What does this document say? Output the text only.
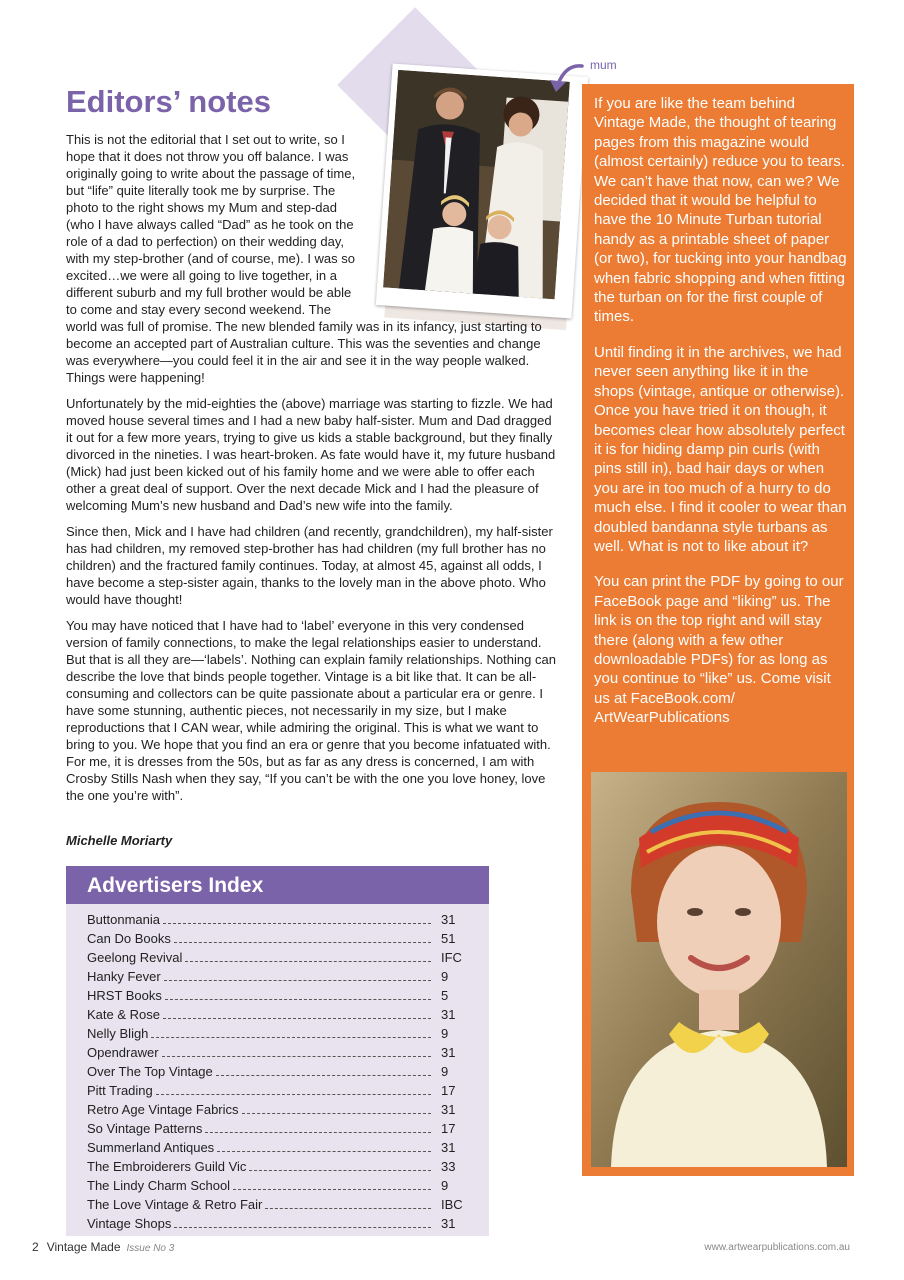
Editors’ notes
mum

This is not the editorial that I set out to write, so I hope that it does not throw you off balance. I was originally going to write about the passage of time, but “life” quite literally took me by surprise. The photo to the right shows my Mum and step-dad (who I have always called “Dad” as he took on the role of a dad to perfection) on their wedding day, with my step-brother (and of course, me). I was so excited…we were all going to live together, in a different suburb and my full brother would be able to come and stay every second weekend. The world was full of promise. The new blended family was in its infancy, just starting to become an accepted part of Australian culture. This was the seventies and change was everywhere—you could feel it in the air and see it in the way people walked. Things were happening!

Unfortunately by the mid-eighties the (above) marriage was starting to fizzle. We had moved house several times and I had a new baby half-sister. Mum and Dad dragged it out for a few more years, trying to give us kids a stable background, but they finally divorced in the nineties. I was heart-broken. As fate would have it, my future husband (Mick) had just been kicked out of his family home and we were able to offer each other a great deal of support. Over the next decade Mick and I had the pleasure of welcoming Mum’s new husband and Dad’s new wife into the family.

Since then, Mick and I have had children (and recently, grandchildren), my half-sister has had children, my removed step-brother has had children (my full brother has no children) and the fractured family continues. Today, at almost 45, against all odds, I have become a step-sister again, thanks to the lovely man in the above photo. Who would have thought!

You may have noticed that I have had to ‘label’ everyone in this very condensed version of family connections, to make the legal relationships easier to understand. But that is all they are—‘labels’. Nothing can explain family relationships. Nothing can describe the love that binds people together. Vintage is a bit like that. It can be all-consuming and collectors can be quite passionate about a particular era or genre. I have some stunning, authentic pieces, not necessarily in my size, but I make reproductions that I CAN wear, while admiring the original. This is what we want to bring to you. We hope that you find an era or genre that you become infatuated with. For me, it is dresses from the 50s, but as far as any dress is concerned, I am with Crosby Stills Nash when they say, “If you can’t be with the one you love honey, love the one you’re with”.

Michelle Moriarty

If you are like the team behind Vintage Made, the thought of tearing pages from this magazine would (almost certainly) reduce you to tears. We can’t have that now, can we? We decided that it would be helpful to have the 10 Minute Turban tutorial handy as a printable sheet of paper (or two), for tucking into your handbag when fabric shopping and when fitting the turban on for the first couple of times.

Until finding it in the archives, we had never seen anything like it in the shops (vintage, antique or otherwise). Once you have tried it on though, it becomes clear how absolutely perfect it is for hiding damp pin curls (with pins still in), bad hair days or when you are in too much of a hurry to do much else. I find it cooler to wear than doubled bandanna style turbans as well. What is not to like about it?

You can print the PDF by going to our FaceBook page and “liking” us. The link is on the top right and will stay there (along with a few other downloadable PDFs) for as long as you continue to “like” us. Come visit us at FaceBook.com/ ArtWearPublications

Advertisers Index
Buttonmania	31
Can Do Books	51
Geelong Revival	IFC
Hanky Fever	9
HRST Books	5
Kate & Rose	31
Nelly Bligh	9
Opendrawer	31
Over The Top Vintage	9
Pitt Trading	17
Retro Age Vintage Fabrics	31
So Vintage Patterns	17
Summerland Antiques	31
The Embroiderers Guild Vic	33
The Lindy Charm School	9
The Love Vintage & Retro Fair	IBC
Vintage Shops	31
2 Vintage Made Issue No 3	www.artwearpublications.com.au
